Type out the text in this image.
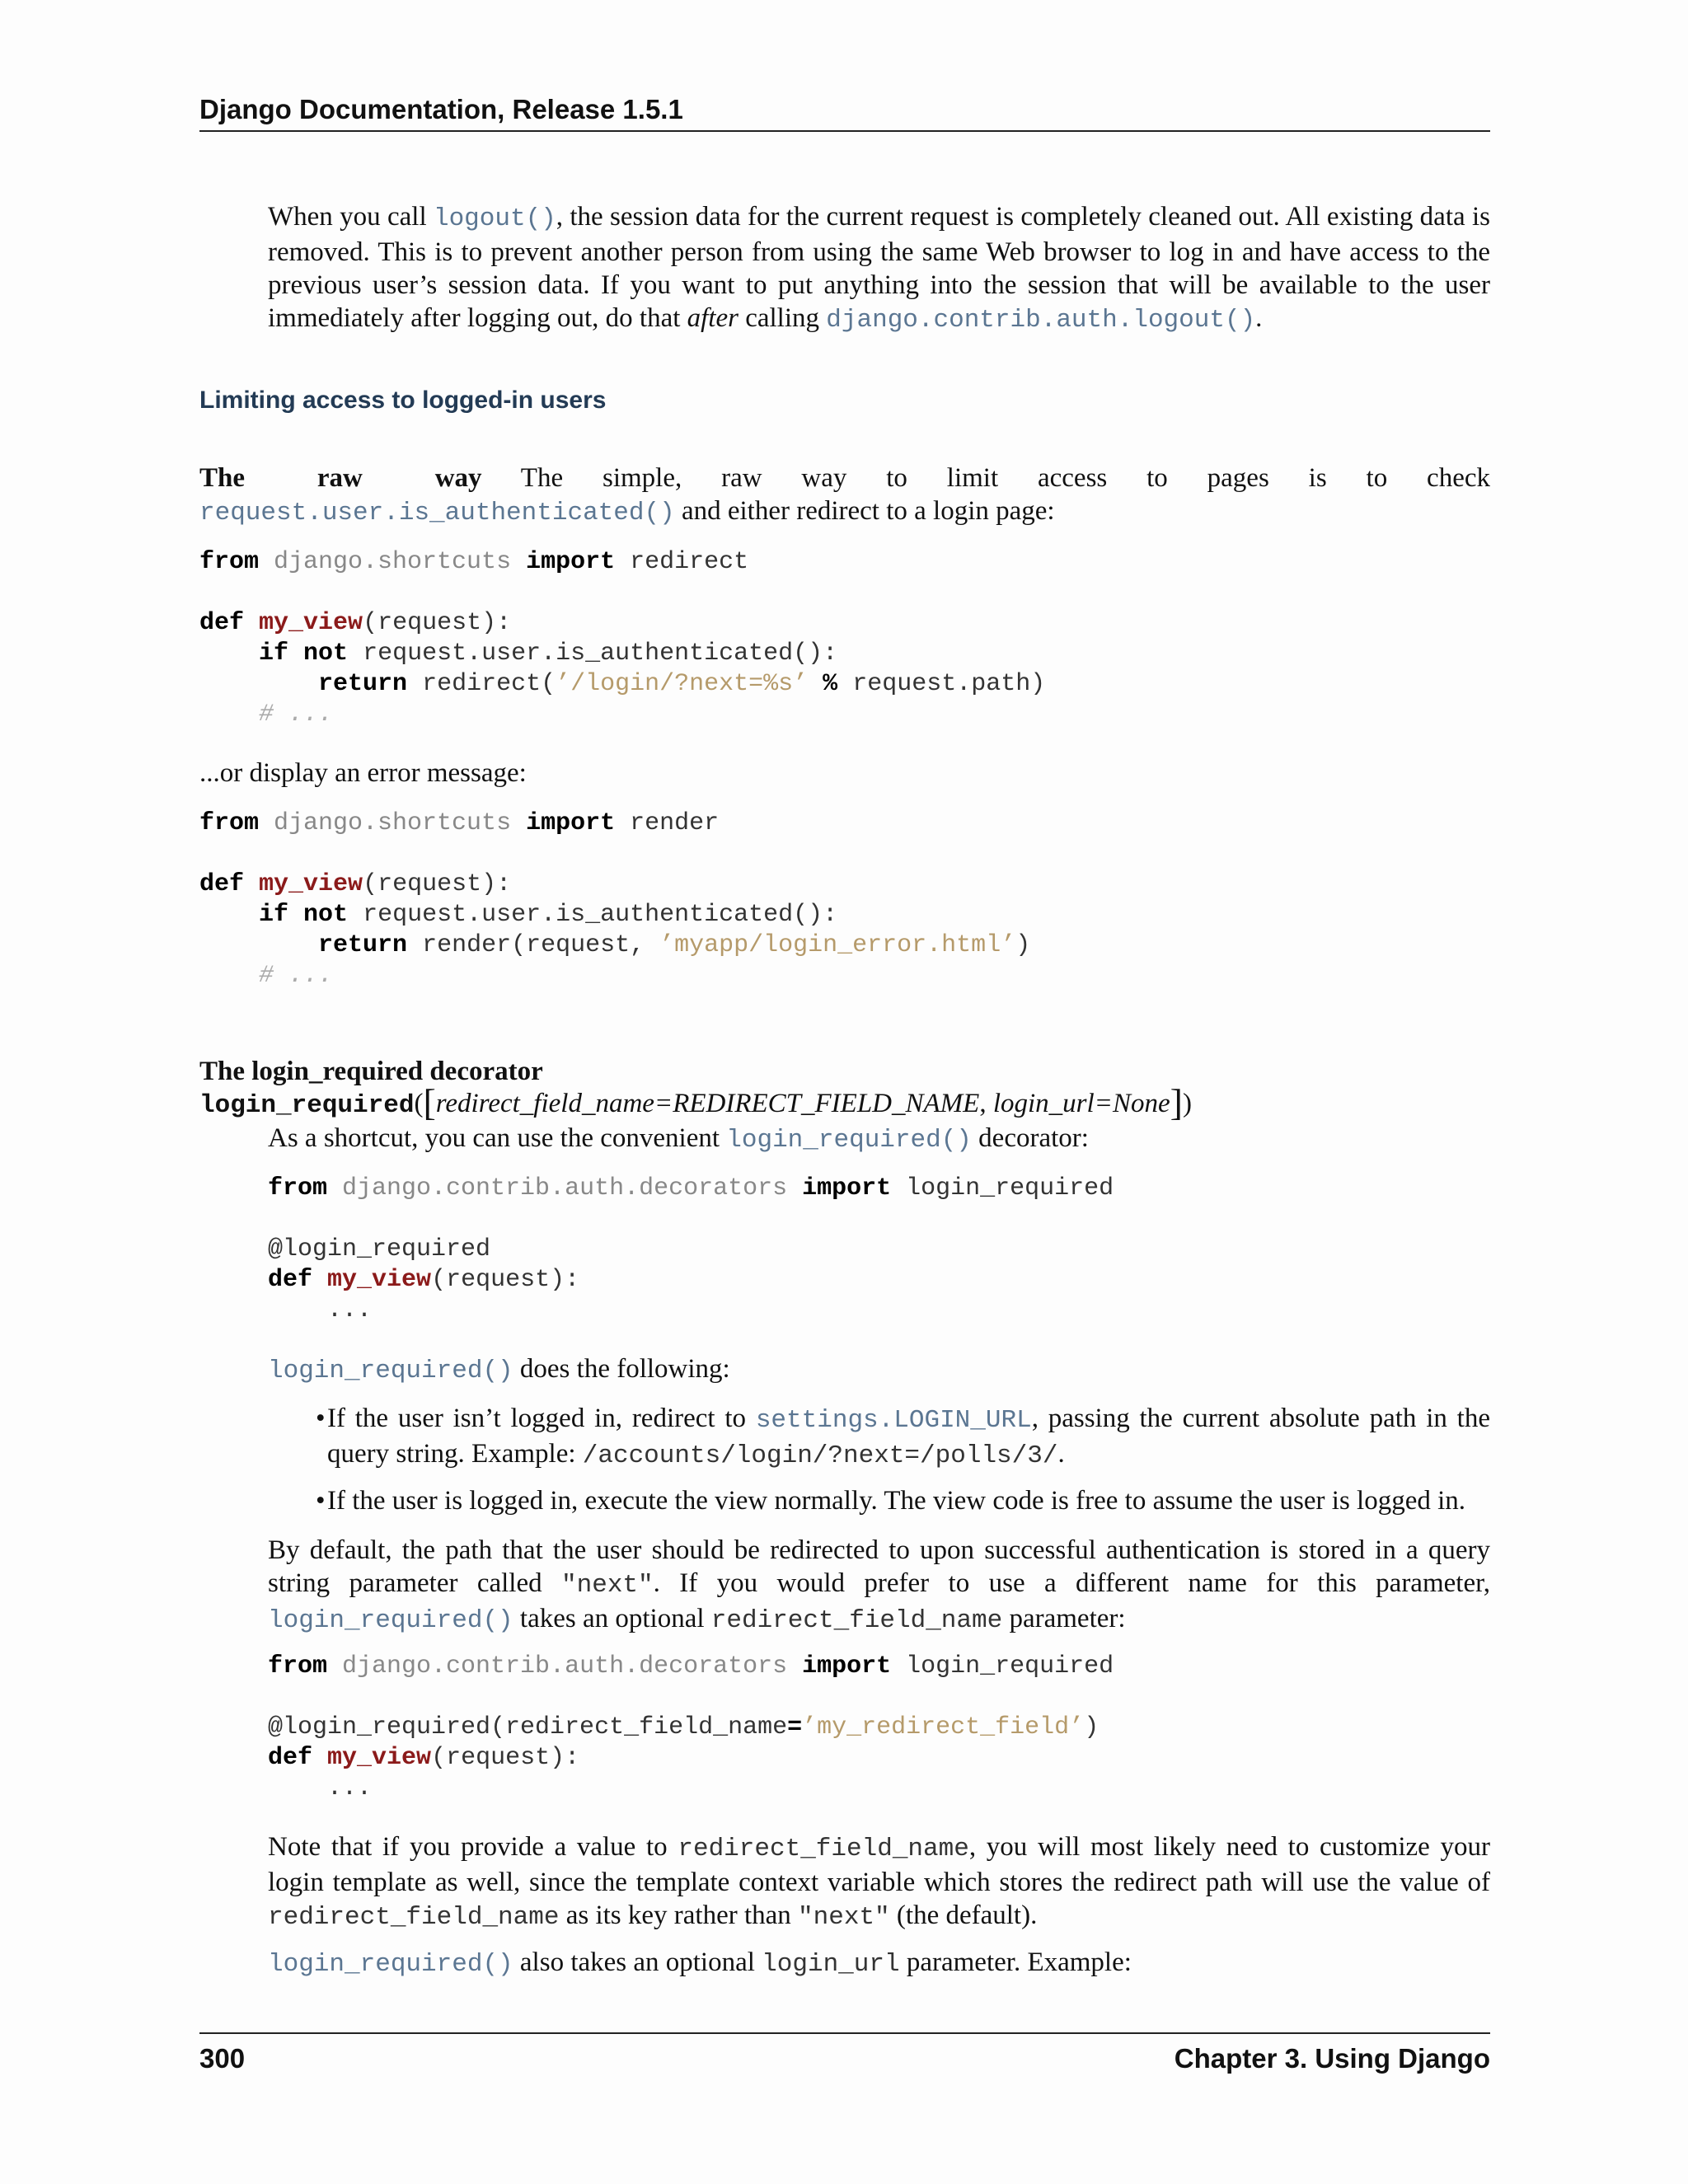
Django Documentation, Release 1.5.1
When you call logout(), the session data for the current request is completely cleaned out. All existing data is removed. This is to prevent another person from using the same Web browser to log in and have access to the previous user’s session data. If you want to put anything into the session that will be available to the user immediately after logging out, do that after calling django.contrib.auth.logout().
Limiting access to logged-in users
The raw way The simple, raw way to limit access to pages is to check request.user.is_authenticated() and either redirect to a login page:
from django.shortcuts import redirect

def my_view(request):
if not request.user.is_authenticated():
return redirect(’/login/?next=%s’ % request.path)
# ...
...or display an error message:
from django.shortcuts import render

def my_view(request):
if not request.user.is_authenticated():
return render(request, ’myapp/login_error.html’)
# ...
The login_required decorator
login_required([redirect_field_name=REDIRECT_FIELD_NAME, login_url=None])
As a shortcut, you can use the convenient login_required() decorator:
from django.contrib.auth.decorators import login_required

@login_required
def my_view(request):
...
login_required() does the following:
• If the user isn’t logged in, redirect to settings.LOGIN_URL, passing the current absolute path in the query string. Example: /accounts/login/?next=/polls/3/.
• If the user is logged in, execute the view normally. The view code is free to assume the user is logged in.
By default, the path that the user should be redirected to upon successful authentication is stored in a query string parameter called "next". If you would prefer to use a different name for this parameter, login_required() takes an optional redirect_field_name parameter:
from django.contrib.auth.decorators import login_required

@login_required(redirect_field_name=’my_redirect_field’)
def my_view(request):
...
Note that if you provide a value to redirect_field_name, you will most likely need to customize your login template as well, since the template context variable which stores the redirect path will use the value of redirect_field_name as its key rather than "next" (the default).
login_required() also takes an optional login_url parameter. Example:
300	Chapter 3. Using Django
